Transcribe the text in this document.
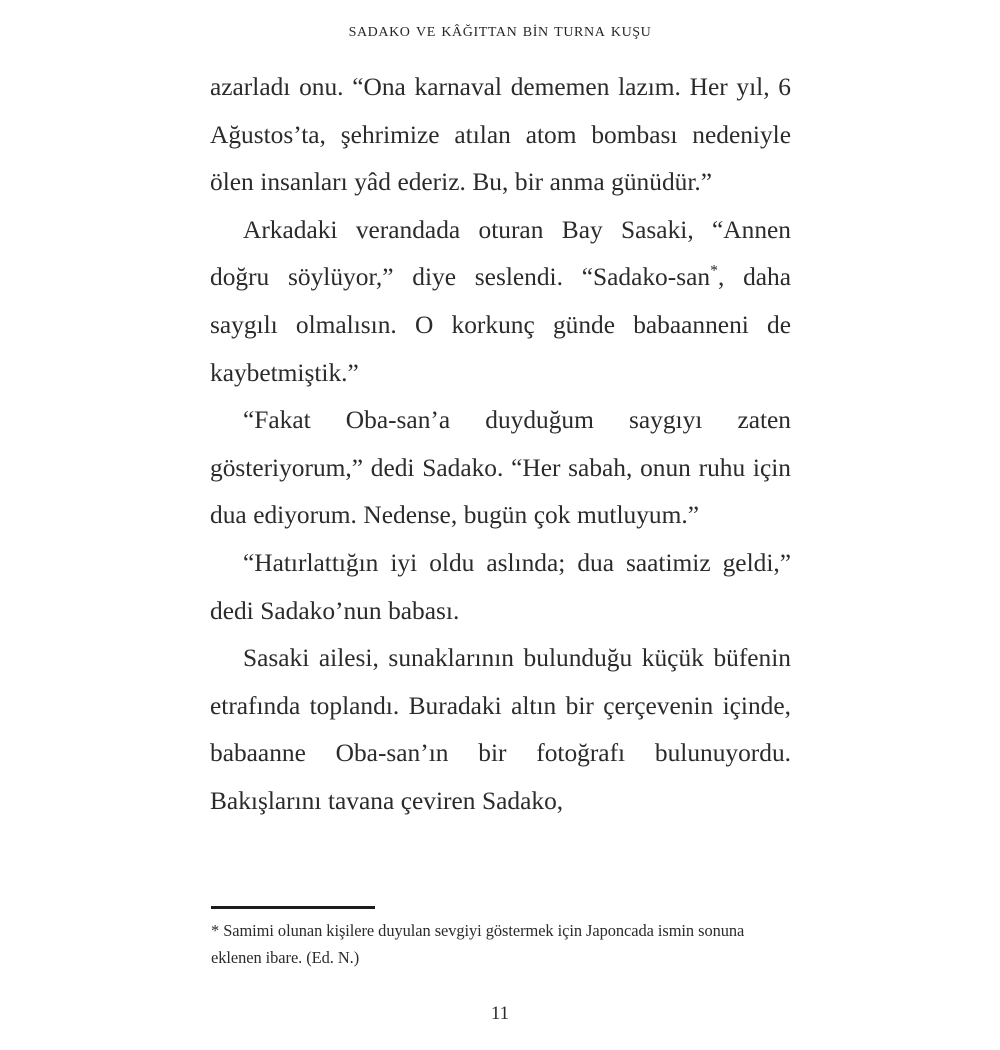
sadako ve kâğıttan bin turna kuşu

azarladı onu. “Ona karnaval dememen lazım. Her yıl, 6 Ağustos’ta, şehrimize atılan atom bombası nedeniyle ölen insanları yâd ederiz. Bu, bir anma günüdür.”

Arkadaki verandada oturan Bay Sasaki, “Annen doğru söylüyor,” diye seslendi. “Sadako-san*, daha saygılı olmalısın. O korkunç günde babaanneni de kaybetmiştik.”

“Fakat Oba-san’a duyduğum saygıyı zaten gösteriyorum,” dedi Sadako. “Her sabah, onun ruhu için dua ediyorum. Nedense, bugün çok mutluyum.”

“Hatırlattığın iyi oldu aslında; dua saatimiz geldi,” dedi Sadako’nun babası.

Sasaki ailesi, sunaklarının bulunduğu küçük büfenin etrafında toplandı. Buradaki altın bir çerçevenin içinde, babaanne Oba-san’ın bir fotoğrafı bulunuyordu. Bakışlarını tavana çeviren Sadako,

* Samimi olunan kişilere duyulan sevgiyi göstermek için Japoncada ismin sonuna eklenen ibare. (Ed. N.)

11
